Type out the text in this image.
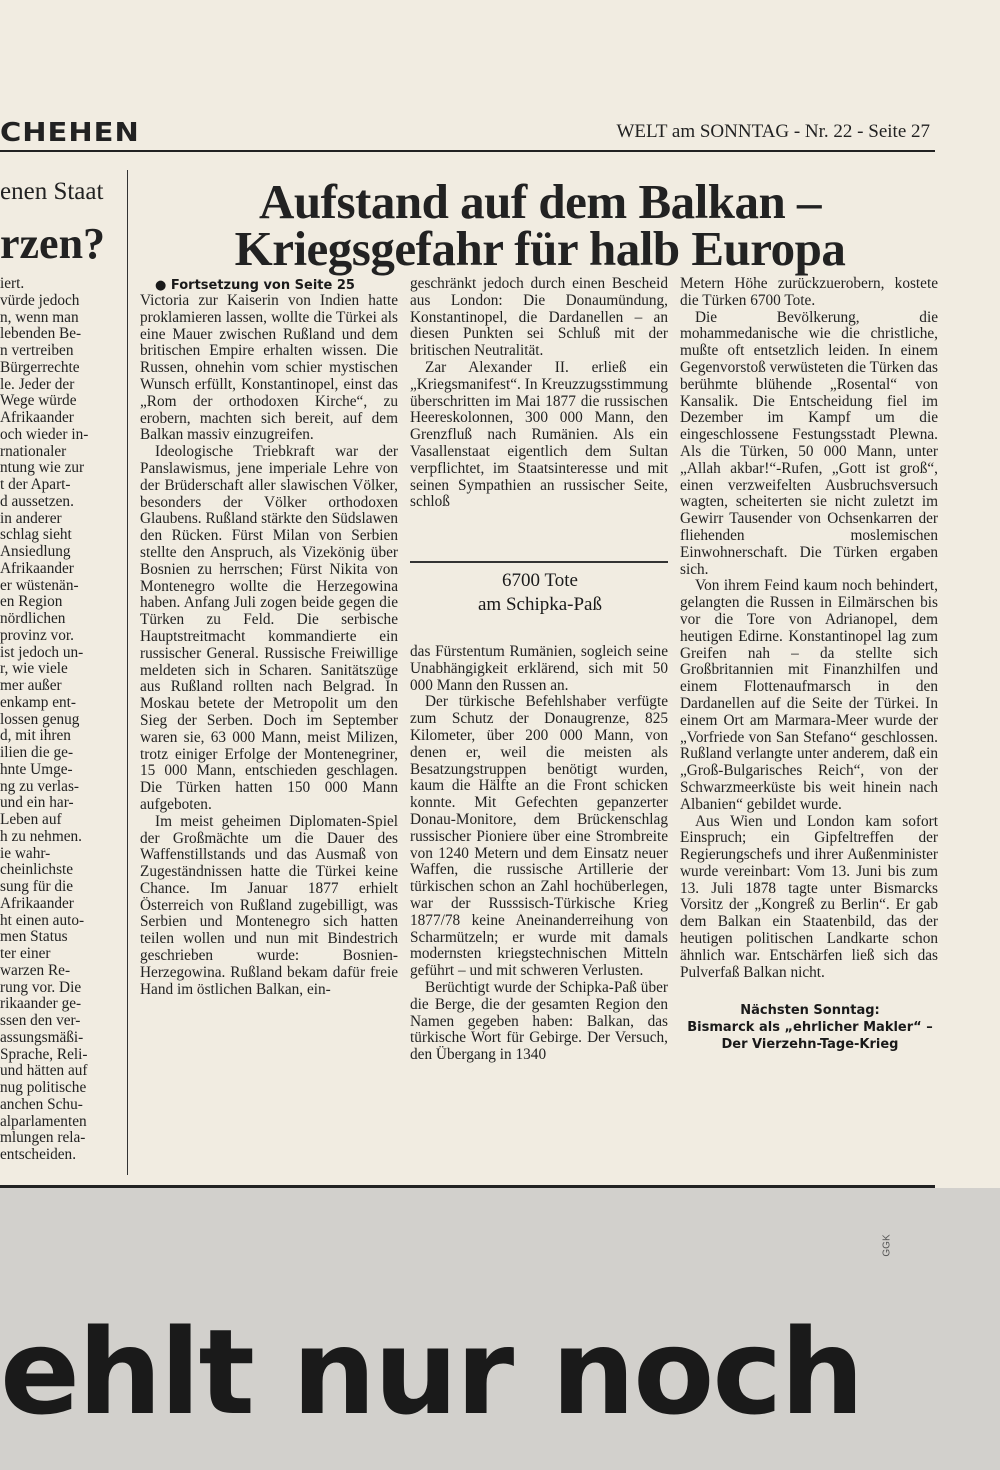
CHEHEN	WELT am SONNTAG - Nr. 22 - Seite 27
enen Staat
rzen?
iert.
vürde jedoch
n, wenn man
lebenden Be-
n vertreiben
Bürgerrechte
le. Jeder der
Wege würde
Afrikaander
och wieder in-
rnationaler
ntung wie zur
t der Apart-
d aussetzen.
in anderer
schlag sieht
Ansiedlung
Afrikaander
er wüstenän-
en Region
nördlichen
provinz vor.
ist jedoch un-
r, wie viele
mer außer
enkamp ent-
lossen genug
d, mit ihren
ilien die ge-
hnte Umge-
ng zu verlas-
und ein har-
Leben auf
h zu nehmen.
ie wahr-
cheinlichste
sung für die
Afrikaander
ht einen auto-
men Status
ter einer
warzen Re-
rung vor. Die
rikaander ge-
ssen den ver-
assungsmäßi-
Sprache, Reli-
und hätten auf
nug politische
anchen Schu-
alparlamenten
mlungen rela-
entscheiden.
Aufstand auf dem Balkan –
Kriegsgefahr für halb Europa
● Fortsetzung von Seite 25

Victoria zur Kaiserin von Indien hatte proklamieren lassen, wollte die Türkei als eine Mauer zwischen Rußland und dem britischen Empire erhalten wissen. Die Russen, ohnehin vom schier mystischen Wunsch erfüllt, Konstantinopel, einst das „Rom der orthodoxen Kirche“, zu erobern, machten sich bereit, auf dem Balkan massiv einzugreifen.

Ideologische Triebkraft war der Panslawismus, jene imperiale Lehre von der Brüderschaft aller slawischen Völker, besonders der Völker orthodoxen Glaubens. Rußland stärkte den Südslawen den Rücken. Fürst Milan von Serbien stellte den Anspruch, als Vizekönig über Bosnien zu herrschen; Fürst Nikita von Montenegro wollte die Herzegowina haben. Anfang Juli zogen beide gegen die Türken zu Feld. Die serbische Hauptstreitmacht kommandierte ein russischer General. Russische Freiwillige meldeten sich in Scharen. Sanitätszüge aus Rußland rollten nach Belgrad. In Moskau betete der Metropolit um den Sieg der Serben. Doch im September waren sie, 63 000 Mann, meist Milizen, trotz einiger Erfolge der Montenegriner, 15 000 Mann, entschieden geschlagen. Die Türken hatten 150 000 Mann aufgeboten.

Im meist geheimen Diplomaten-Spiel der Großmächte um die Dauer des Waffenstillstands und das Ausmaß von Zugeständnissen hatte die Türkei keine Chance. Im Januar 1877 erhielt Österreich von Rußland zugebilligt, was Serbien und Montenegro sich hatten teilen wollen und nun mit Bindestrich geschrieben wurde: Bosnien-Herzegowina. Rußland bekam dafür freie Hand im östlichen Balkan, ein-

geschränkt jedoch durch einen Bescheid aus London: Die Donaumündung, Konstantinopel, die Dardanellen – an diesen Punkten sei Schluß mit der britischen Neutralität.

Zar Alexander II. erließ ein „Kriegsmanifest“. In Kreuzzugsstimmung überschritten im Mai 1877 die russischen Heereskolonnen, 300 000 Mann, den Grenzfluß nach Rumänien. Als ein Vasallenstaat eigentlich dem Sultan verpflichtet, im Staatsinteresse und mit seinen Sympathien an russischer Seite, schloß

6700 Tote
am Schipka-Paß

das Fürstentum Rumänien, sogleich seine Unabhängigkeit erklärend, sich mit 50 000 Mann den Russen an.

Der türkische Befehlshaber verfügte zum Schutz der Donaugrenze, 825 Kilometer, über 200 000 Mann, von denen er, weil die meisten als Besatzungstruppen benötigt wurden, kaum die Hälfte an die Front schicken konnte. Mit Gefechten gepanzerter Donau-Monitore, dem Brückenschlag russischer Pioniere über eine Strombreite von 1240 Metern und dem Einsatz neuer Waffen, die russische Artillerie der türkischen schon an Zahl hochüberlegen, war der Russsisch-Türkische Krieg 1877/78 keine Aneinanderreihung von Scharmützeln; er wurde mit damals modernsten kriegstechnischen Mitteln geführt – und mit schweren Verlusten.

Berüchtigt wurde der Schipka-Paß über die Berge, die der gesamten Region den Namen gegeben haben: Balkan, das türkische Wort für Gebirge. Der Versuch, den Übergang in 1340

Metern Höhe zurückzuerobern, kostete die Türken 6700 Tote.

Die Bevölkerung, die mohammedanische wie die christliche, mußte oft entsetzlich leiden. In einem Gegenvorstoß verwüsteten die Türken das berühmte blühende „Rosental“ von Kansalik. Die Entscheidung fiel im Dezember im Kampf um die eingeschlossene Festungsstadt Plewna. Als die Türken, 50 000 Mann, unter „Allah akbar!“-Rufen, „Gott ist groß“, einen verzweifelten Ausbruchsversuch wagten, scheiterten sie nicht zuletzt im Gewirr Tausender von Ochsenkarren der fliehenden moslemischen Einwohnerschaft. Die Türken ergaben sich.

Von ihrem Feind kaum noch behindert, gelangten die Russen in Eilmärschen bis vor die Tore von Adrianopel, dem heutigen Edirne. Konstantinopel lag zum Greifen nah – da stellte sich Großbritannien mit Finanzhilfen und einem Flottenaufmarsch in den Dardanellen auf die Seite der Türkei. In einem Ort am Marmara-Meer wurde der „Vorfriede von San Stefano“ geschlossen. Rußland verlangte unter anderem, daß ein „Groß-Bulgarisches Reich“, von der Schwarzmeerküste bis weit hinein nach Albanien“ gebildet wurde.

Aus Wien und London kam sofort Einspruch; ein Gipfeltreffen der Regierungschefs und ihrer Außenminister wurde vereinbart: Vom 13. Juni bis zum 13. Juli 1878 tagte unter Bismarcks Vorsitz der „Kongreß zu Berlin“. Er gab dem Balkan ein Staatenbild, das der heutigen politischen Landkarte schon ähnlich war. Entschärfen ließ sich das Pulverfaß Balkan nicht.

Nächsten Sonntag:
Bismarck als „ehrlicher Makler“ – Der Vierzehn-Tage-Krieg
ehlt nur noch
GGK
